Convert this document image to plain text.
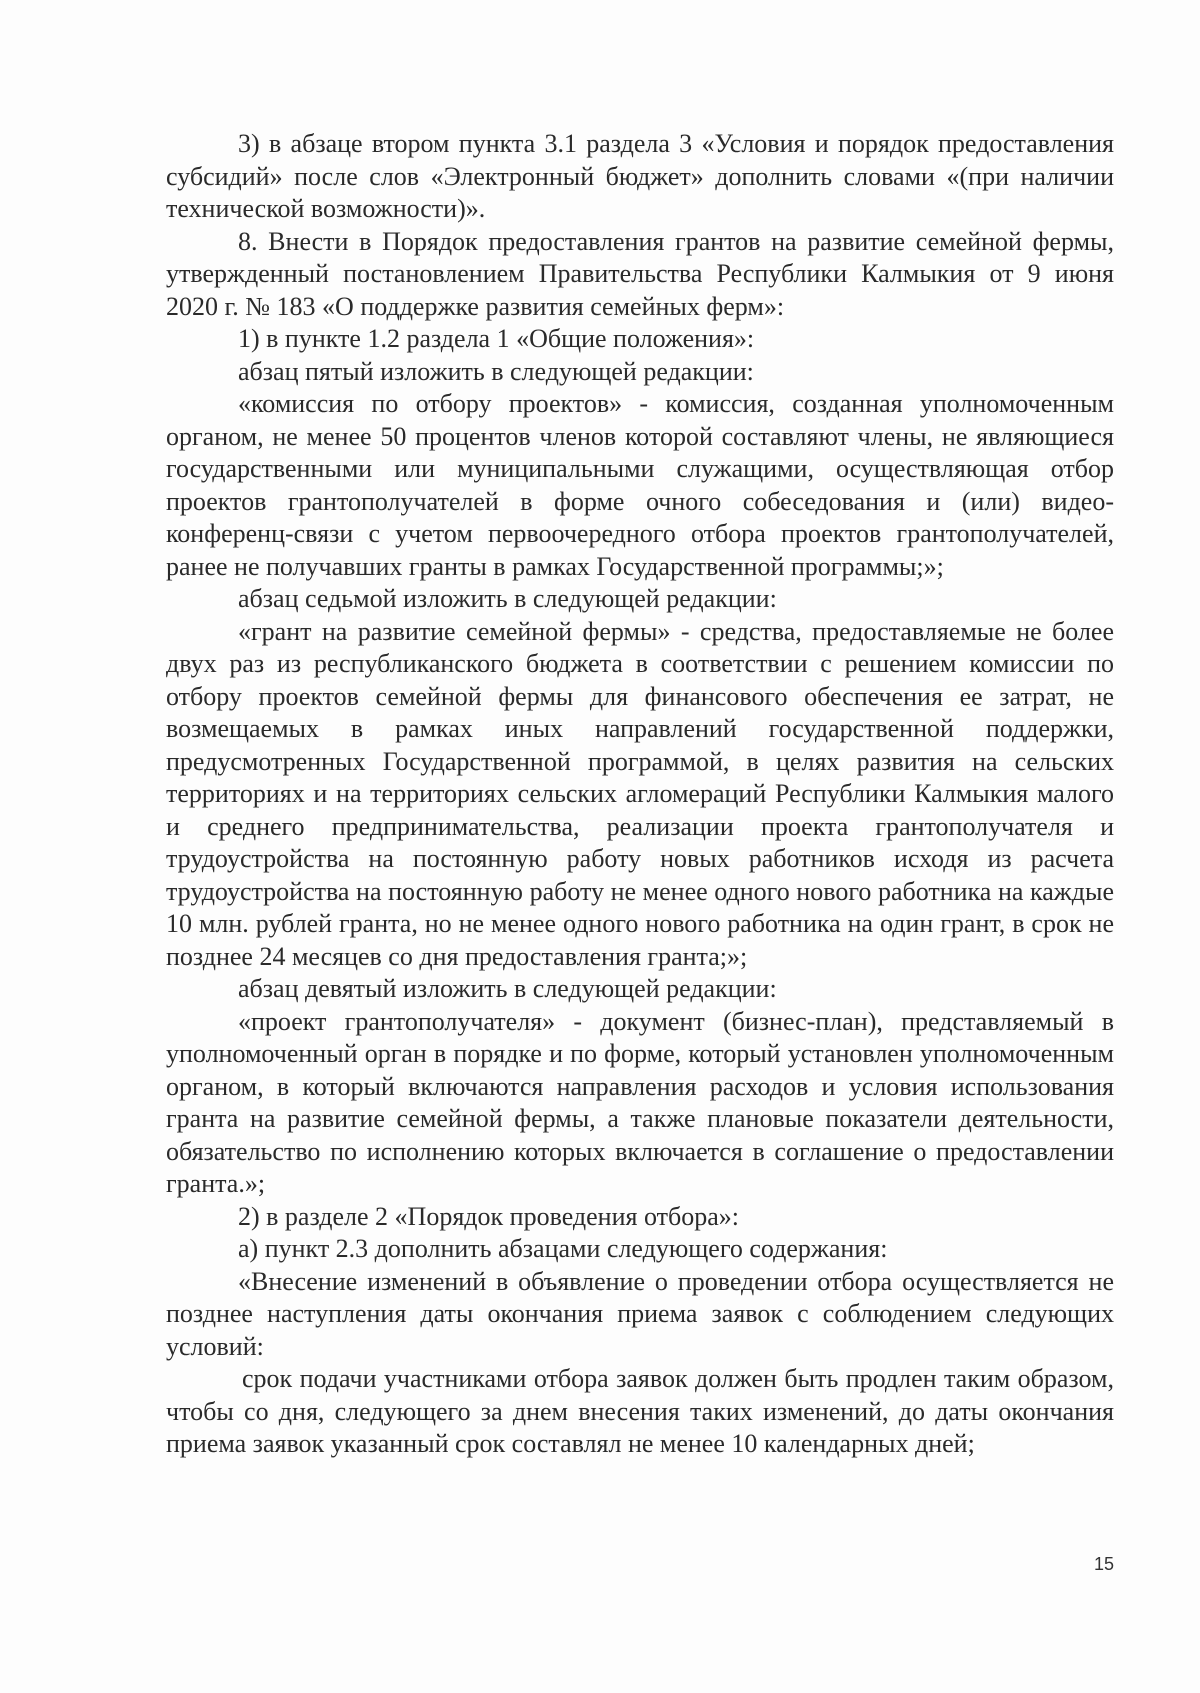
3) в абзаце втором пункта 3.1 раздела 3 «Условия и порядок предоставления субсидий» после слов «Электронный бюджет» дополнить словами «(при наличии технической возможности)».

8. Внести в Порядок предоставления грантов на развитие семейной фермы, утвержденный постановлением Правительства Республики Калмыкия от 9 июня 2020 г. № 183 «О поддержке развития семейных ферм»:

1) в пункте 1.2 раздела 1 «Общие положения»:

абзац пятый изложить в следующей редакции:

«комиссия по отбору проектов» - комиссия, созданная уполномоченным органом, не менее 50 процентов членов которой составляют члены, не являющиеся государственными или муниципальными служащими, осуществляющая отбор проектов грантополучателей в форме очного собеседования и (или) видео-конференц-связи с учетом первоочередного отбора проектов грантополучателей, ранее не получавших гранты в рамках Государственной программы;»;

абзац седьмой изложить в следующей редакции:

«грант на развитие семейной фермы» - средства, предоставляемые не более двух раз из республиканского бюджета в соответствии с решением комиссии по отбору проектов семейной фермы для финансового обеспечения ее затрат, не возмещаемых в рамках иных направлений государственной поддержки, предусмотренных Государственной программой, в целях развития на сельских территориях и на территориях сельских агломераций Республики Калмыкия малого и среднего предпринимательства, реализации проекта грантополучателя и трудоустройства на постоянную работу новых работников исходя из расчета трудоустройства на постоянную работу не менее одного нового работника на каждые 10 млн. рублей гранта, но не менее одного нового работника на один грант, в срок не позднее 24 месяцев со дня предоставления гранта;»;

абзац девятый изложить в следующей редакции:

«проект грантополучателя» - документ (бизнес-план), представляемый в уполномоченный орган в порядке и по форме, который установлен уполномоченным органом, в который включаются направления расходов и условия использования гранта на развитие семейной фермы, а также плановые показатели деятельности, обязательство по исполнению которых включается в соглашение о предоставлении гранта.»;

2) в разделе 2 «Порядок проведения отбора»:

а) пункт 2.3 дополнить абзацами следующего содержания:

«Внесение изменений в объявление о проведении отбора осуществляется не позднее наступления даты окончания приема заявок с соблюдением следующих условий:

срок подачи участниками отбора заявок должен быть продлен таким образом, чтобы со дня, следующего за днем внесения таких изменений, до даты окончания приема заявок указанный срок составлял не менее 10 календарных дней;

15
